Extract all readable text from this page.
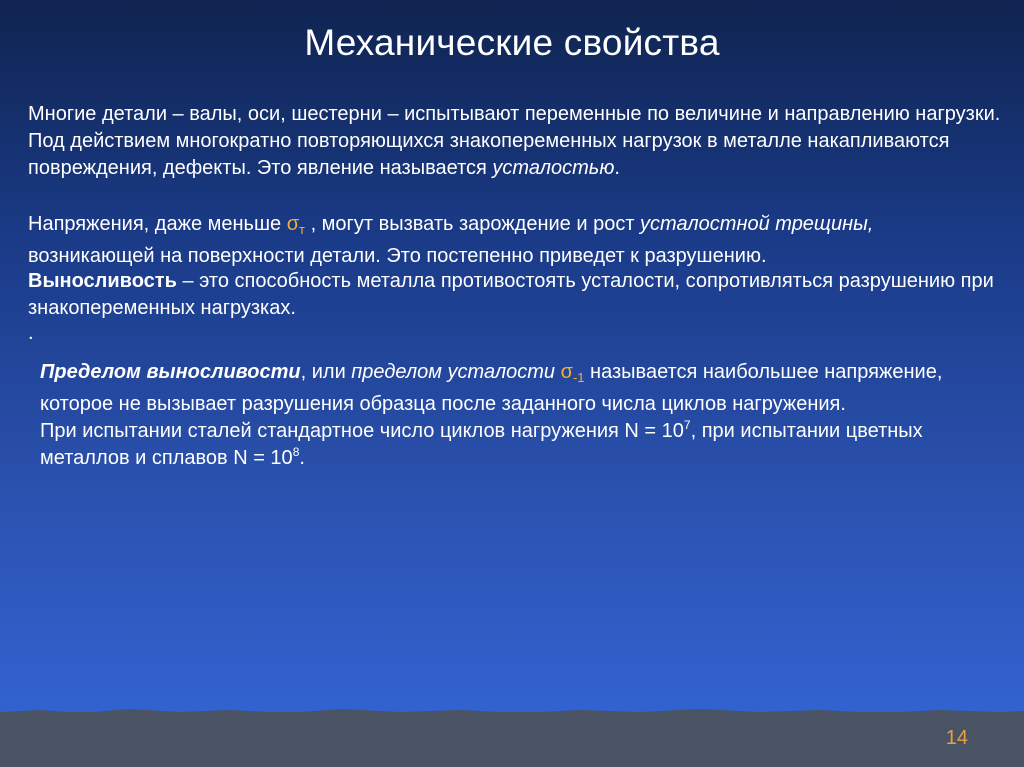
Механические свойства
Многие детали – валы, оси, шестерни – испытывают переменные по величине и направлению нагрузки. Под действием многократно повторяющихся знакопеременных нагрузок в металле накапливаются повреждения, дефекты. Это явление называется усталостью.
Напряжения, даже меньше $\sigma_т$ , могут вызвать зарождение и рост усталостной трещины, возникающей на поверхности детали. Это постепенно приведет к разрушению.
Выносливость – это способность металла противостоять усталости, сопротивляться разрушению при знакопеременных нагрузках.
.
Пределом выносливости, или пределом усталости $\sigma_{-1}$ называется наибольшее напряжение, которое не вызывает разрушения образца после заданного числа циклов нагружения.
При испытании сталей стандартное число циклов нагружения $N = 10^7$, при испытании цветных металлов и сплавов $N = 10^8$.
14
